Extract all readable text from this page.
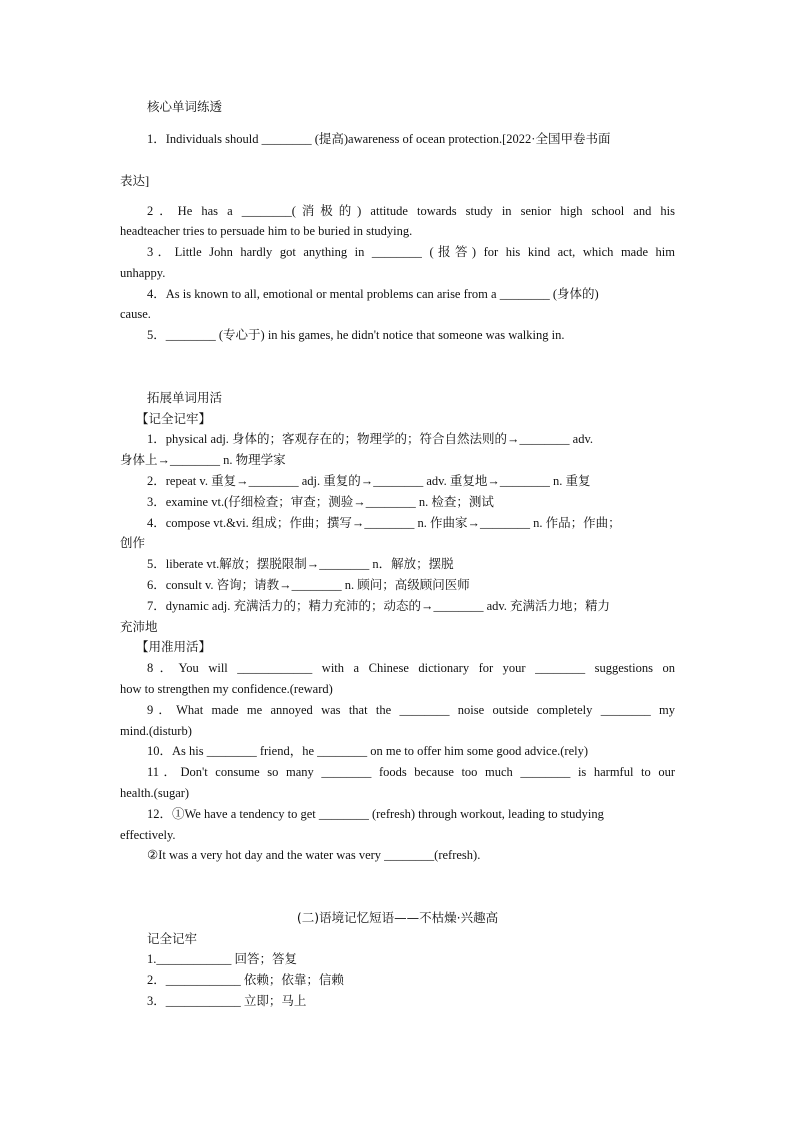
核心单词练透
1．Individuals should ________ (提高)awareness of ocean protection.[2022·全国甲卷书面
表达]
2．He has a ________(消极的) attitude towards study in senior high school and his
headteacher tries to persuade him to be buried in studying.
3．Little John hardly got anything in ________ (报答) for his kind act, which made him
unhappy.
4．As is known to all, emotional or mental problems can arise from a ________ (身体的)
cause.
5．________ (专心于) in his games, he didn't notice that someone was walking in.
拓展单词用活
【记全记牢】
1．physical adj. 身体的；客观存在的；物理学的；符合自然法则的→________ adv.
身体上→________ n. 物理学家
2．repeat v. 重复→________ adj. 重复的→________ adv. 重复地→________ n. 重复
3．examine vt.(仔细检查；审查；测验→________ n. 检查；测试
4．compose vt.&vi. 组成；作曲；撰写→________ n. 作曲家→________ n. 作品；作曲；
创作
5．liberate vt.解放；摆脱限制→________ n．解放；摆脱
6．consult v. 咨询；请教→________ n. 顾问；高级顾问医师
7．dynamic adj. 充满活力的；精力充沛的；动态的→________ adv. 充满活力地；精力
充沛地
【用准用活】
8．You will ____________ with a Chinese dictionary for your ________ suggestions on
how to strengthen my confidence.(reward)
9．What made me annoyed was that the ________ noise outside completely ________ my
mind.(disturb)
10．As his ________ friend，he ________ on me to offer him some good advice.(rely)
11．Don't consume so many ________ foods because too much ________ is harmful to our
health.(sugar)
12．①We have a tendency to get ________ (refresh) through workout, leading to studying
effectively.
②It was a very hot day and the water was very ________(refresh).
(二)语境记忆短语——不枯燥·兴趣高
记全记牢
1.____________ 回答；答复
2．____________ 依赖；依靠；信赖
3．____________ 立即；马上
